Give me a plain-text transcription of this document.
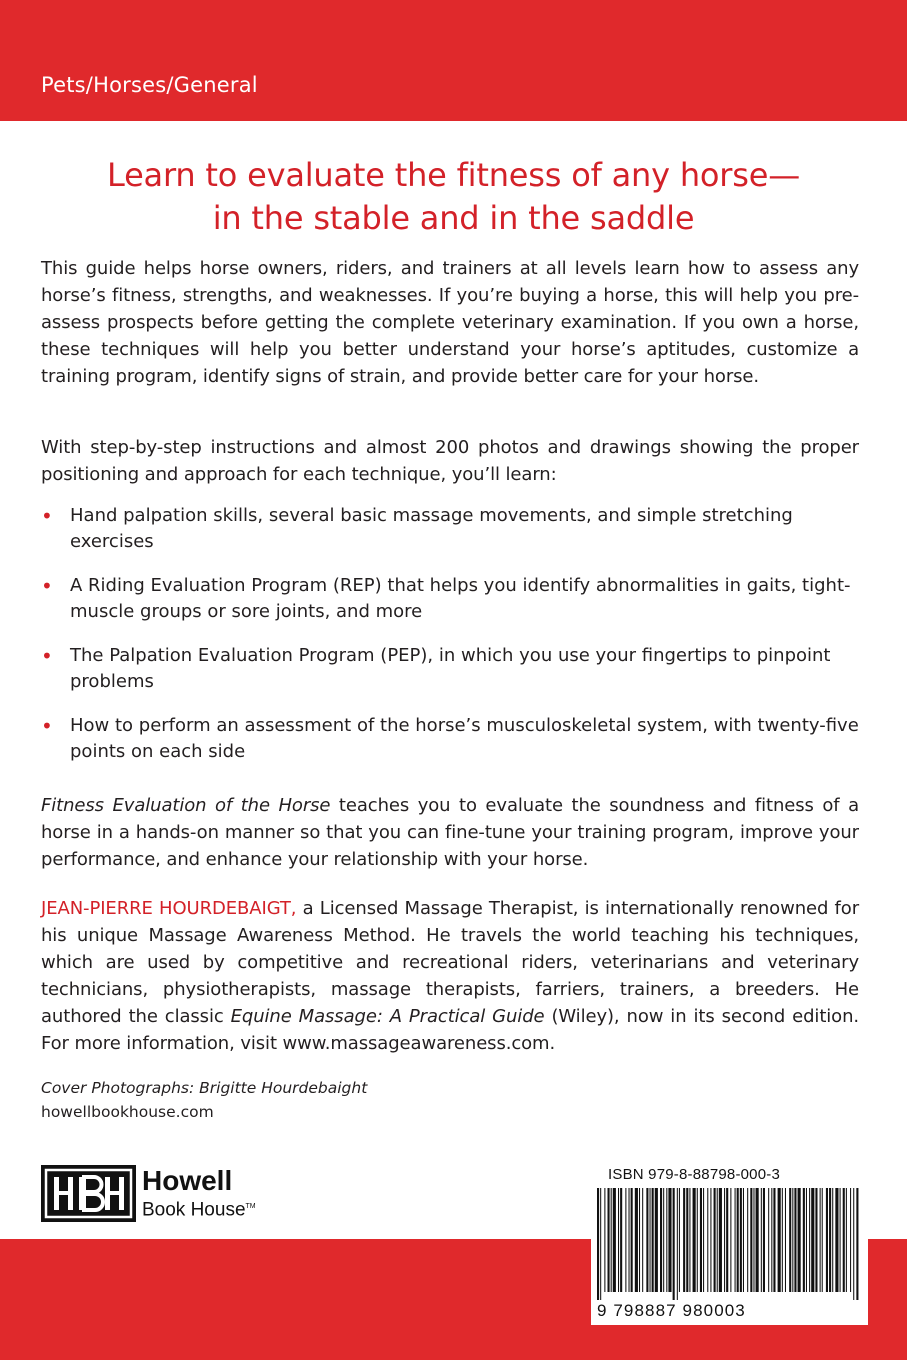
Pets/Horses/General
Learn to evaluate the fitness of any horse—
in the stable and in the saddle
This guide helps horse owners, riders, and trainers at all levels learn how to assess any horse’s fitness, strengths, and weaknesses. If you’re buying a horse, this will help you pre-assess prospects before getting the complete veterinary examination. If you own a horse, these techniques will help you better understand your horse’s aptitudes, customize a training program, identify signs of strain, and provide better care for your horse.
With step-by-step instructions and almost 200 photos and drawings showing the proper positioning and approach for each technique, you’ll learn:
• Hand palpation skills, several basic massage movements, and simple stretching exercises
• A Riding Evaluation Program (REP) that helps you identify abnormalities in gaits, tight-muscle groups or sore joints, and more
• The Palpation Evaluation Program (PEP), in which you use your fingertips to pinpoint problems
• How to perform an assessment of the horse’s musculoskeletal system, with twenty-five points on each side
Fitness Evaluation of the Horse teaches you to evaluate the soundness and fitness of a horse in a hands-on manner so that you can fine-tune your training program, improve your performance, and enhance your relationship with your horse.
JEAN-PIERRE HOURDEBAIGT, a Licensed Massage Therapist, is internationally renowned for his unique Massage Awareness Method. He travels the world teaching his techniques, which are used by competitive and recreational riders, veterinarians and veterinary technicians, physiotherapists, massage therapists, farriers, trainers, a breeders. He authored the classic Equine Massage: A Practical Guide (Wiley), now in its second edition. For more information, visit www.massageawareness.com.
Cover Photographs: Brigitte Hourdebaight
howellbookhouse.com
Howell
Book House™
ISBN 979-8-88798-000-3
9 798887 980003
